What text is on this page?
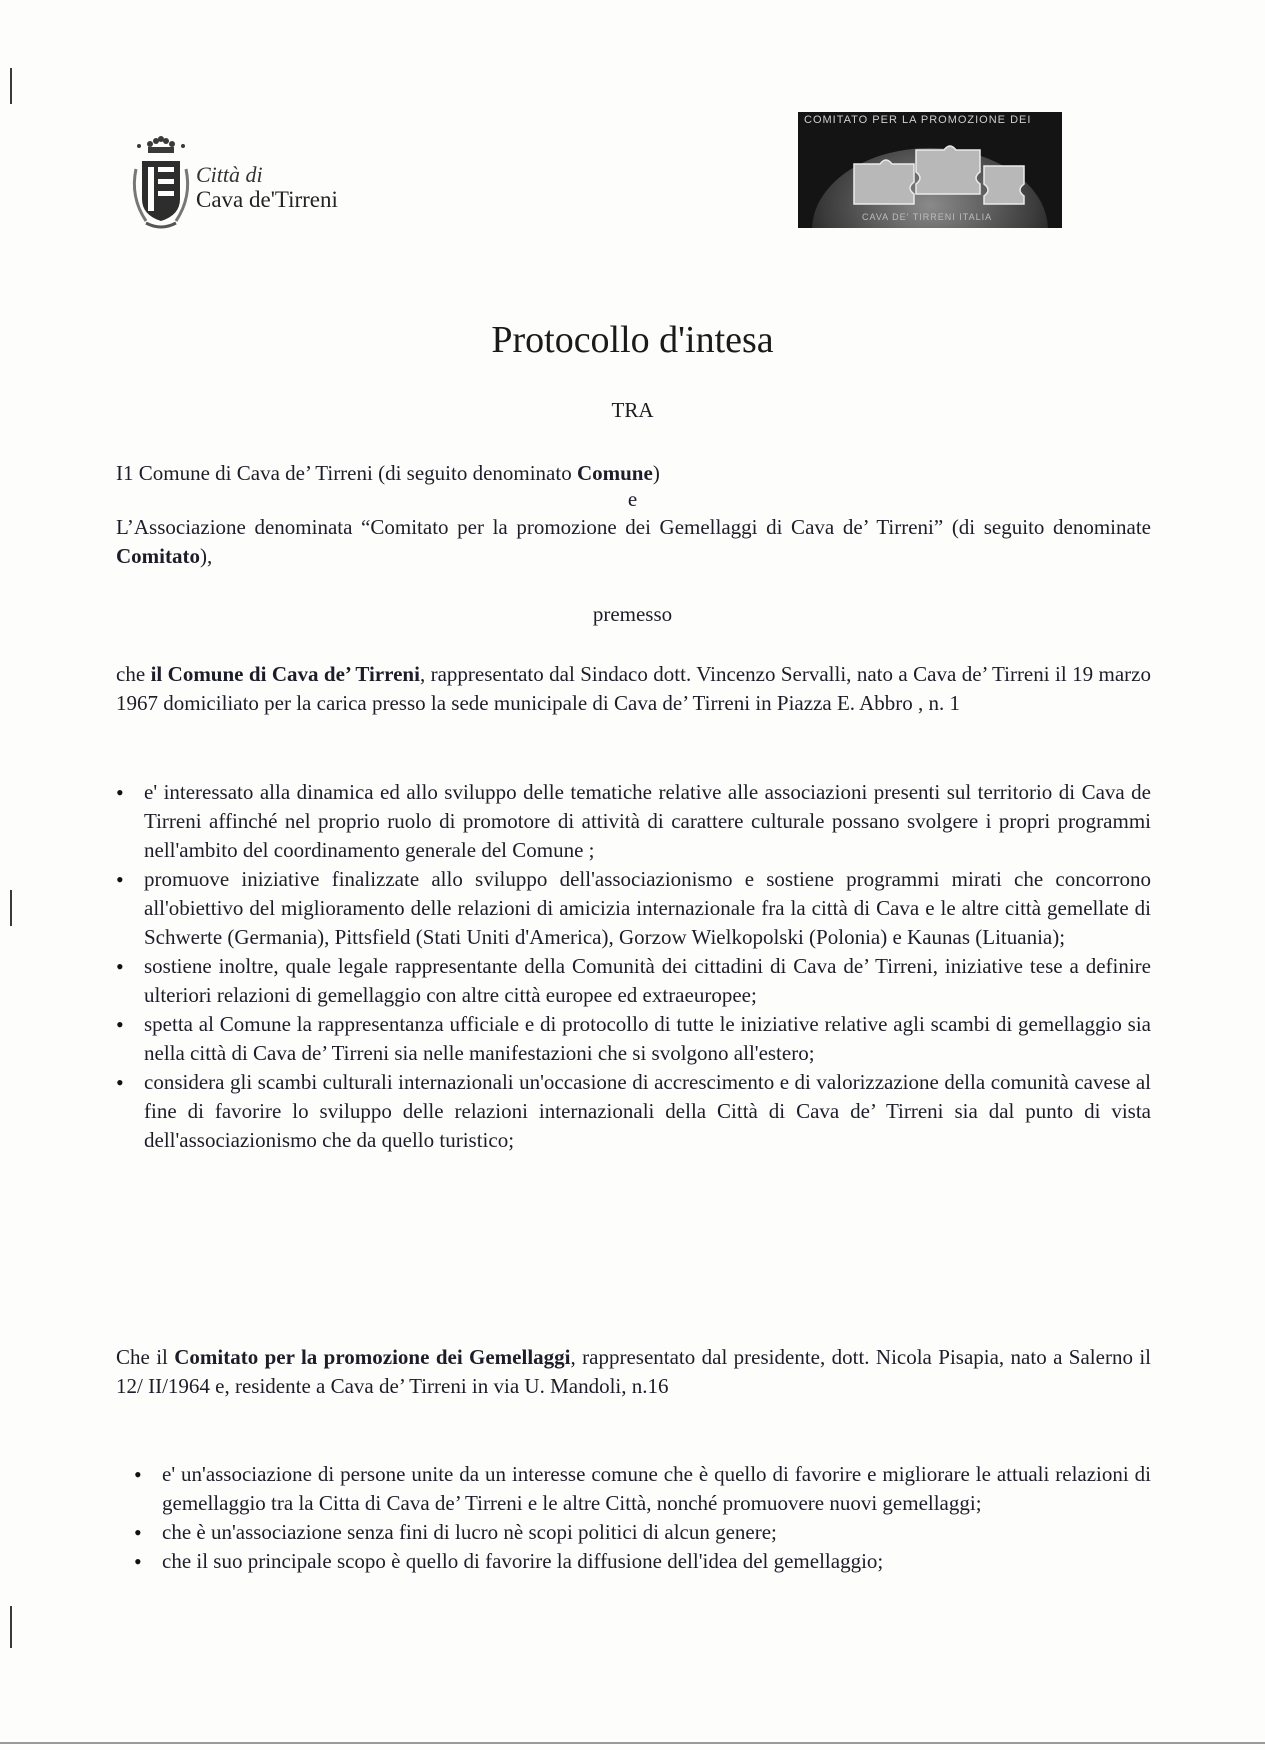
Città di
Cava de'Tirreni
COMITATO PER LA PROMOZIONE DEI
CAVA DE' TIRRENI ITALIA
Protocollo d'intesa
TRA
I1 Comune di Cava de’ Tirreni (di seguito denominato Comune)
e
L’Associazione denominata “Comitato per la promozione dei Gemellaggi di Cava de’ Tirreni” (di seguito denominate Comitato),
premesso
che il Comune di Cava de’ Tirreni, rappresentato dal Sindaco dott. Vincenzo Servalli, nato a Cava de’ Tirreni il 19 marzo 1967 domiciliato per la carica presso la sede municipale di Cava de’ Tirreni in Piazza E. Abbro , n. 1
• e' interessato alla dinamica ed allo sviluppo delle tematiche relative alle associazioni presenti sul territorio di Cava de Tirreni affinché nel proprio ruolo di promotore di attività di carattere culturale possano svolgere i propri programmi nell'ambito del coordinamento generale del Comune ;
• promuove iniziative finalizzate allo sviluppo dell'associazionismo e sostiene programmi mirati che concorrono all'obiettivo del miglioramento delle relazioni di amicizia internazionale fra la città di Cava e le altre città gemellate di Schwerte (Germania), Pittsfield (Stati Uniti d'America), Gorzow Wielkopolski (Polonia) e Kaunas (Lituania);
• sostiene inoltre, quale legale rappresentante della Comunità dei cittadini di Cava de’ Tirreni, iniziative tese a definire ulteriori relazioni di gemellaggio con altre città europee ed extraeuropee;
• spetta al Comune la rappresentanza ufficiale e di protocollo di tutte le iniziative relative agli scambi di gemellaggio sia nella città di Cava de’ Tirreni sia nelle manifestazioni che si svolgono all'estero;
• considera gli scambi culturali internazionali un'occasione di accrescimento e di valorizzazione della comunità cavese al fine di favorire lo sviluppo delle relazioni internazionali della Città di Cava de’ Tirreni sia dal punto di vista dell'associazionismo che da quello turistico;
Che il Comitato per la promozione dei Gemellaggi, rappresentato dal presidente, dott. Nicola Pisapia, nato a Salerno il 12/ II/1964 e, residente a Cava de’ Tirreni in via U. Mandoli, n.16
• e' un'associazione di persone unite da un interesse comune che è quello di favorire e migliorare le attuali relazioni di gemellaggio tra la Citta di Cava de’ Tirreni e le altre Città, nonché promuovere nuovi gemellaggi;
• che è un'associazione senza fini di lucro nè scopi politici di alcun genere;
• che il suo principale scopo è quello di favorire la diffusione dell'idea del gemellaggio;
